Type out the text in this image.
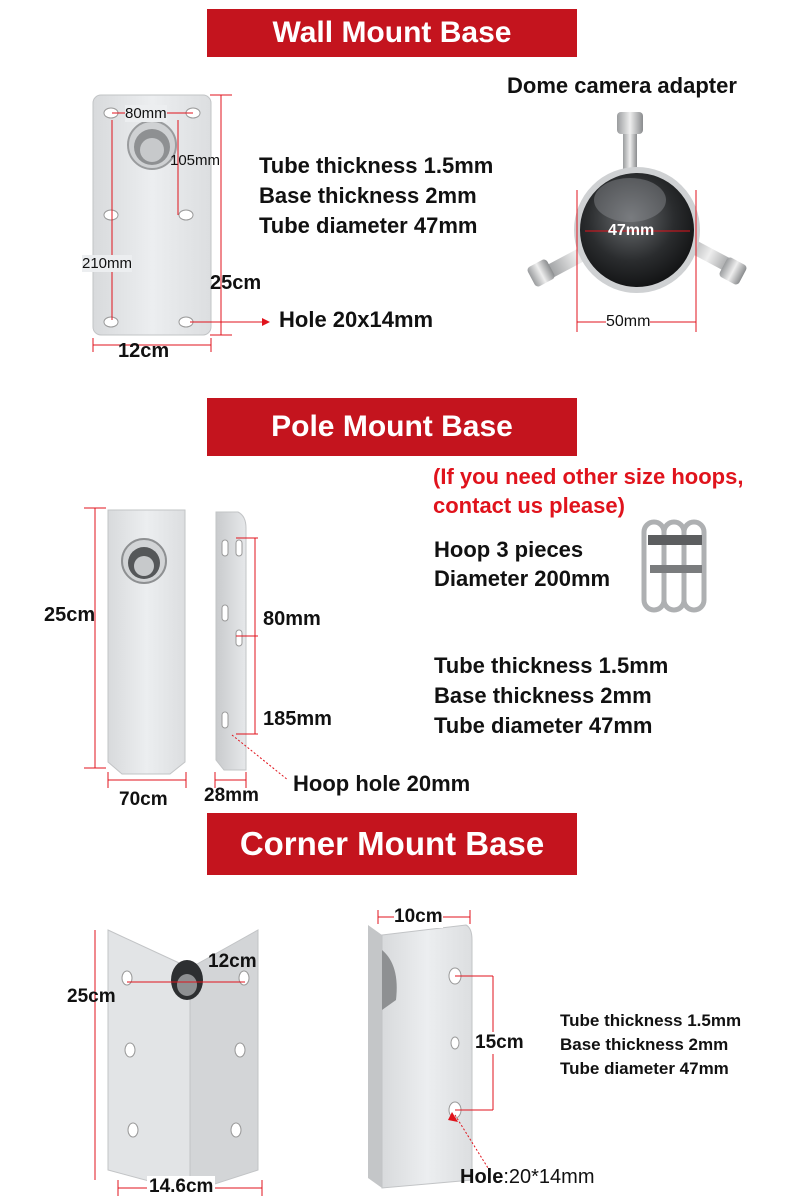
Wall Mount Base
Pole Mount Base
Corner Mount Base
Dome camera adapter
Tube thickness 1.5mm
Base thickness 2mm
Tube diameter 47mm
80mm
105mm
210mm
25cm
12cm
Hole 20x14mm
47mm
50mm
(If you need other size hoops, contact us please)
Hoop 3 pieces
Diameter 200mm
Tube thickness 1.5mm
Base thickness 2mm
Tube diameter 47mm
25cm	80mm
185mm
70cm 28mm Hoop hole 20mm
12cm
25cm
14.6cm
10cm
15cm
Hole:20*14mm
Tube thickness 1.5mm
Base thickness 2mm
Tube diameter 47mm
